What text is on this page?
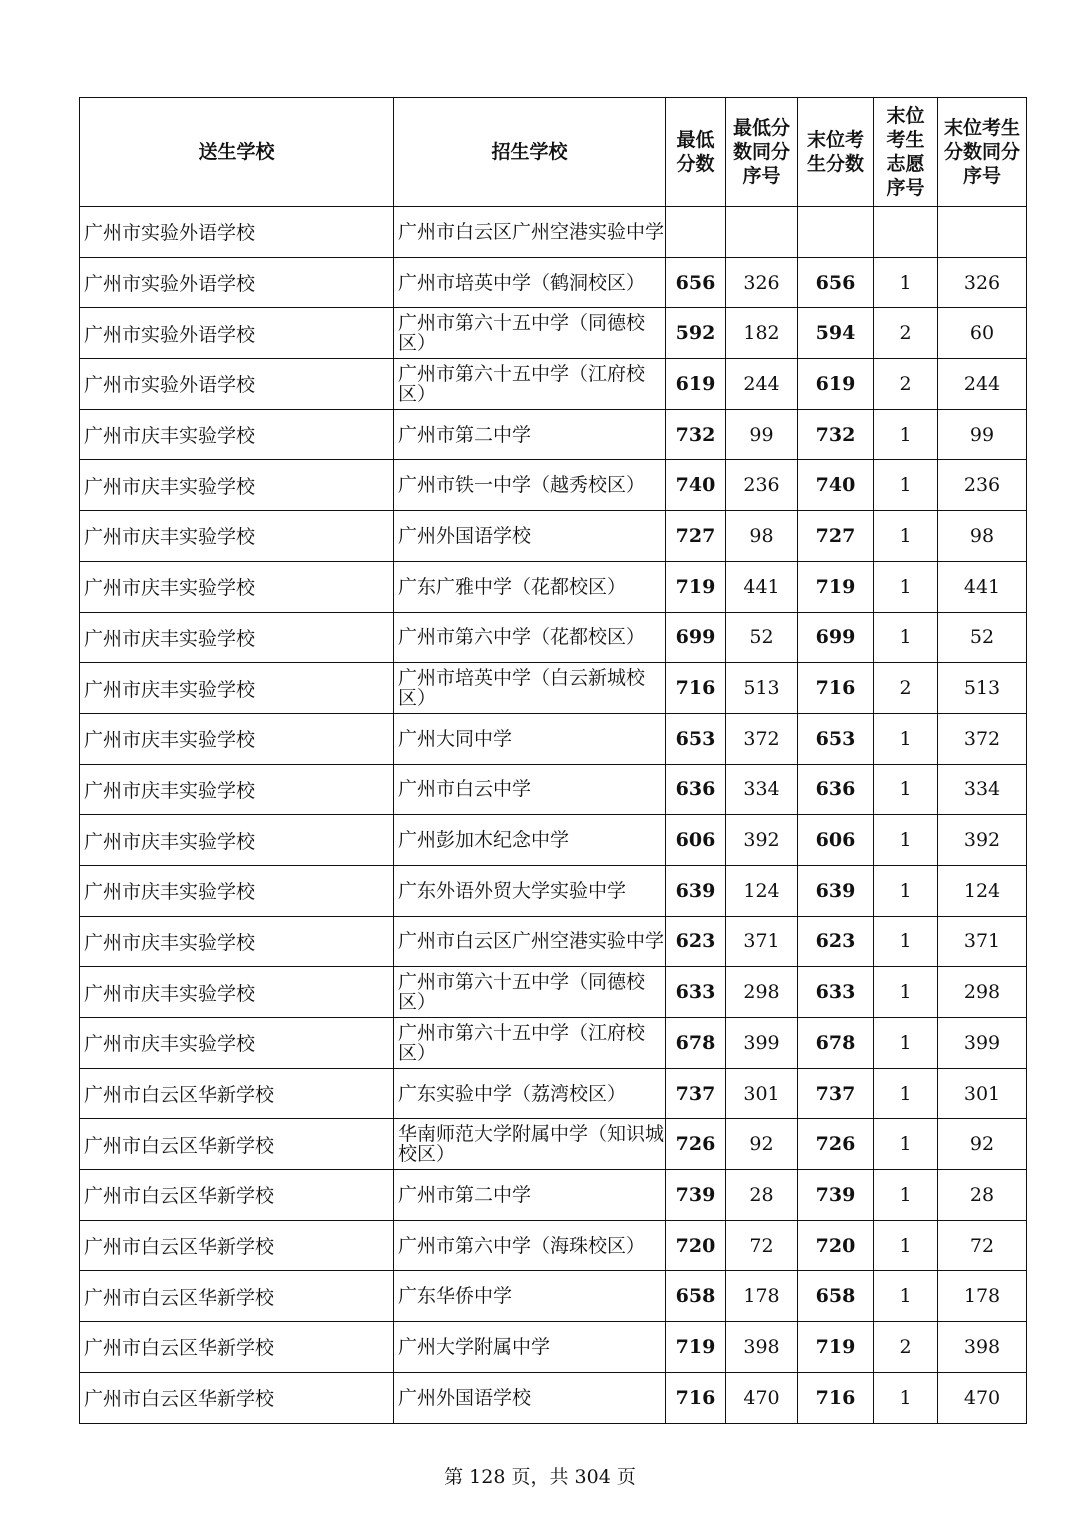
送生学校	招生学校	最低分数	最低分数同分序号	末位考生分数	末位考生志愿序号	末位考生分数同分序号
广州市实验外语学校	广州市白云区广州空港实验中学					
广州市实验外语学校	广州市培英中学（鹤洞校区）	656	326	656	1	326
广州市实验外语学校	广州市第六十五中学（同德校区）	592	182	594	2	60
广州市实验外语学校	广州市第六十五中学（江府校区）	619	244	619	2	244
广州市庆丰实验学校	广州市第二中学	732	99	732	1	99
广州市庆丰实验学校	广州市铁一中学（越秀校区）	740	236	740	1	236
广州市庆丰实验学校	广州外国语学校	727	98	727	1	98
广州市庆丰实验学校	广东广雅中学（花都校区）	719	441	719	1	441
广州市庆丰实验学校	广州市第六中学（花都校区）	699	52	699	1	52
广州市庆丰实验学校	广州市培英中学（白云新城校区）	716	513	716	2	513
广州市庆丰实验学校	广州大同中学	653	372	653	1	372
广州市庆丰实验学校	广州市白云中学	636	334	636	1	334
广州市庆丰实验学校	广州彭加木纪念中学	606	392	606	1	392
广州市庆丰实验学校	广东外语外贸大学实验中学	639	124	639	1	124
广州市庆丰实验学校	广州市白云区广州空港实验中学	623	371	623	1	371
广州市庆丰实验学校	广州市第六十五中学（同德校区）	633	298	633	1	298
广州市庆丰实验学校	广州市第六十五中学（江府校区）	678	399	678	1	399
广州市白云区华新学校	广东实验中学（荔湾校区）	737	301	737	1	301
广州市白云区华新学校	华南师范大学附属中学（知识城校区）	726	92	726	1	92
广州市白云区华新学校	广州市第二中学	739	28	739	1	28
广州市白云区华新学校	广州市第六中学（海珠校区）	720	72	720	1	72
广州市白云区华新学校	广东华侨中学	658	178	658	1	178
广州市白云区华新学校	广州大学附属中学	719	398	719	2	398
广州市白云区华新学校	广州外国语学校	716	470	716	1	470
第 128 页，共 304 页
